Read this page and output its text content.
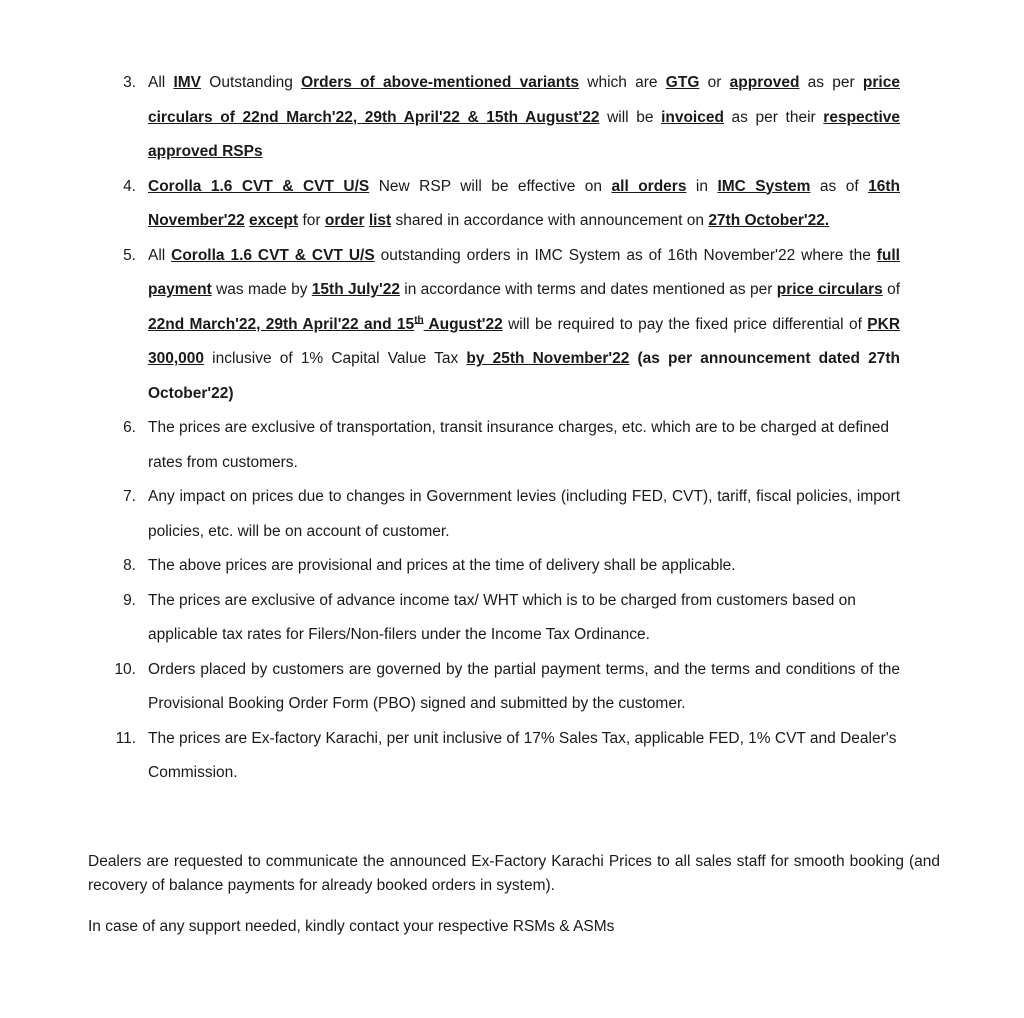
3. All IMV Outstanding Orders of above-mentioned variants which are GTG or approved as per price circulars of 22nd March'22, 29th April'22 & 15th August'22 will be invoiced as per their respective approved RSPs
4. Corolla 1.6 CVT & CVT U/S New RSP will be effective on all orders in IMC System as of 16th November'22 except for order list shared in accordance with announcement on 27th October'22.
5. All Corolla 1.6 CVT & CVT U/S outstanding orders in IMC System as of 16th November'22 where the full payment was made by 15th July'22 in accordance with terms and dates mentioned as per price circulars of 22nd March'22, 29th April'22 and 15th August'22 will be required to pay the fixed price differential of PKR 300,000 inclusive of 1% Capital Value Tax by 25th November'22 (as per announcement dated 27th October'22)
6. The prices are exclusive of transportation, transit insurance charges, etc. which are to be charged at defined rates from customers.
7. Any impact on prices due to changes in Government levies (including FED, CVT), tariff, fiscal policies, import policies, etc. will be on account of customer.
8. The above prices are provisional and prices at the time of delivery shall be applicable.
9. The prices are exclusive of advance income tax/ WHT which is to be charged from customers based on applicable tax rates for Filers/Non-filers under the Income Tax Ordinance.
10. Orders placed by customers are governed by the partial payment terms, and the terms and conditions of the Provisional Booking Order Form (PBO) signed and submitted by the customer.
11. The prices are Ex-factory Karachi, per unit inclusive of 17% Sales Tax, applicable FED, 1% CVT and Dealer's Commission.

Dealers are requested to communicate the announced Ex-Factory Karachi Prices to all sales staff for smooth booking (and recovery of balance payments for already booked orders in system).

In case of any support needed, kindly contact your respective RSMs & ASMs
